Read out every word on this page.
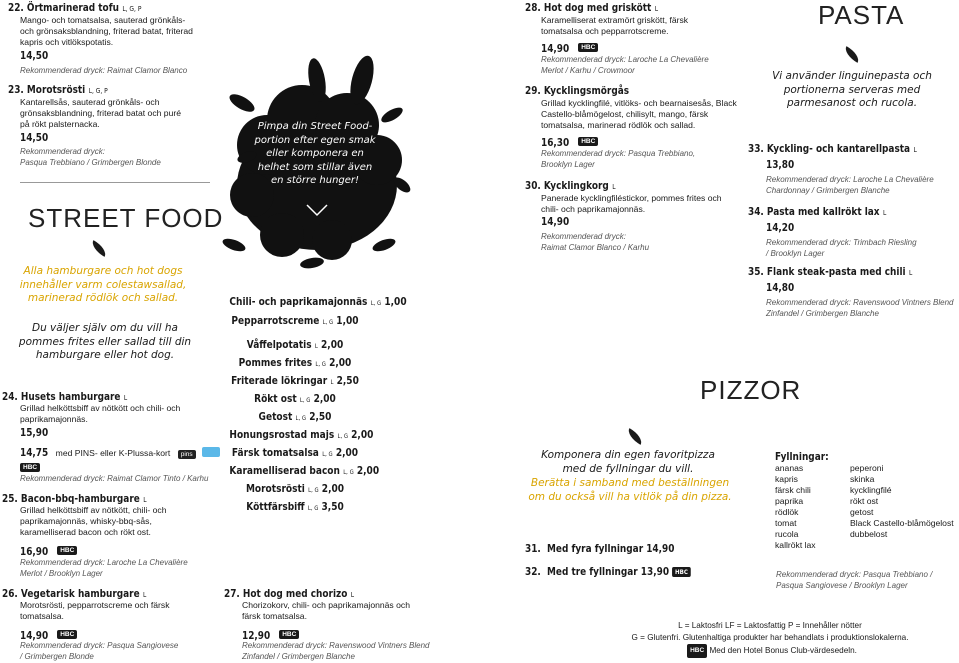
22. Örtmarinerad tofu L, G, P
Mango- och tomatsalsa, sauterad grönkåls- och grönsaksblandning, friterad batat, friterad kapris och vitlökspotatis.
14,50
Rekommenderad dryck: Raimat Clamor Blanco
23. Morotsrösti L, G, P
Kantarellsås, sauterad grönkåls- och grönsaksblandning, friterad batat och puré på rökt palsternacka.
14,50
Rekommenderad dryck:
Pasqua Trebbiano / Grimbergen Blonde
STREET FOOD
Alla hamburgare och hot dogs innehåller varm colestawsallad, marinerad rödlök och sallad.
Du väljer själv om du vill ha pommes frites eller sallad till din hamburgare eller hot dog.
24. Husets hamburgare L
Grillad helköttsbiff av nötkött och chili- och paprikamajonnäs.
15,90
14,75 med PINS- eller K-Plussa-kort pins
HBC
Rekommenderad dryck: Raimat Clamor Tinto / Karhu
25. Bacon-bbq-hamburgare L
Grillad helköttsbiff av nötkött, chili- och paprikamajonnäs, whisky-bbq-sås, karamelliserad bacon och rökt ost.
16,90 HBC
Rekommenderad dryck: Laroche La Chevalière
Merlot / Brooklyn Lager
26. Vegetarisk hamburgare L
Morotsrösti, pepparrotscreme och färsk tomatsalsa.
14,90 HBC
Rekommenderad dryck: Pasqua Sangiovese
/ Grimbergen Blonde
Pimpa din Street Food-portion efter egen smak eller komponera en helhet som stillar även en större hunger!
Chili- och paprikamajonnäs L, G 1,00
Pepparrotscreme L, G 1,00
Våffelpotatis L 2,00
Pommes frites L, G 2,00
Friterade lökringar L 2,50
Rökt ost L, G 2,00
Getost L, G 2,50
Honungsrostad majs L, G 2,00
Färsk tomatsalsa L, G 2,00
Karamelliserad bacon L, G 2,00
Morotsrösti L, G 2,00
Köttfärsbiff L, G 3,50
27. Hot dog med chorizo L
Chorizokorv, chili- och paprikamajonnäs och färsk tomatsalsa.
12,90 HBC
Rekommenderad dryck: Ravenswood Vintners Blend
Zinfandel / Grimbergen Blanche
28. Hot dog med griskött L
Karamelliserat extramört griskött, färsk tomatsalsa och pepparrotscreme.
14,90 HBC
Rekommenderad dryck: Laroche La Chevalière
Merlot / Karhu / Crowmoor
29. Kycklingsmörgås
Grillad kycklingfilé, vitlöks- och bearnaisesås, Black Castello-blåmögelost, chilisylt, mango, färsk tomatsalsa, marinerad rödlök och sallad.
16,30 HBC
Rekommenderad dryck: Pasqua Trebbiano,
Brooklyn Lager
30. Kycklingkorg L
Panerade kycklingfiléstickor, pommes frites och chili- och paprikamajonnäs.
14,90
Rekommenderad dryck:
Raimat Clamor Blanco / Karhu
Komponera din egen favoritpizza med de fyllningar du vill.
Berätta i samband med beställningen om du också vill ha vitlök på din pizza.
31. Med fyra fyllningar 14,90
32. Med tre fyllningar 13,90 HBC
PASTA
Vi använder linguinepasta och portionerna serveras med parmesanost och rucola.
33. Kyckling- och kantarellpasta L
13,80
Rekommenderad dryck: Laroche La Chevalière
Chardonnay / Grimbergen Blanche
34. Pasta med kallrökt lax L
14,20
Rekommenderad dryck: Trimbach Riesling
/ Brooklyn Lager
35. Flank steak-pasta med chili L
14,80
Rekommenderad dryck: Ravenswood Vintners Blend
Zinfandel / Grimbergen Blanche
PIZZOR
Fyllningar:
ananas
kapris
färsk chili
paprika
rödlök
tomat
rucola
kallrökt lax
peperoni
skinka
kycklingfilé
rökt ost
getost
Black Castello-blåmögelost
dubbelost
Rekommenderad dryck: Pasqua Trebbiano /
Pasqua Sangiovese / Brooklyn Lager
L = Laktosfri LF = Laktosfattig P = Innehåller nötter
G = Glutenfri. Glutenhaltiga produkter har behandlats i produktionslokalerna.
HBC Med den Hotel Bonus Club-värdesedeln.
